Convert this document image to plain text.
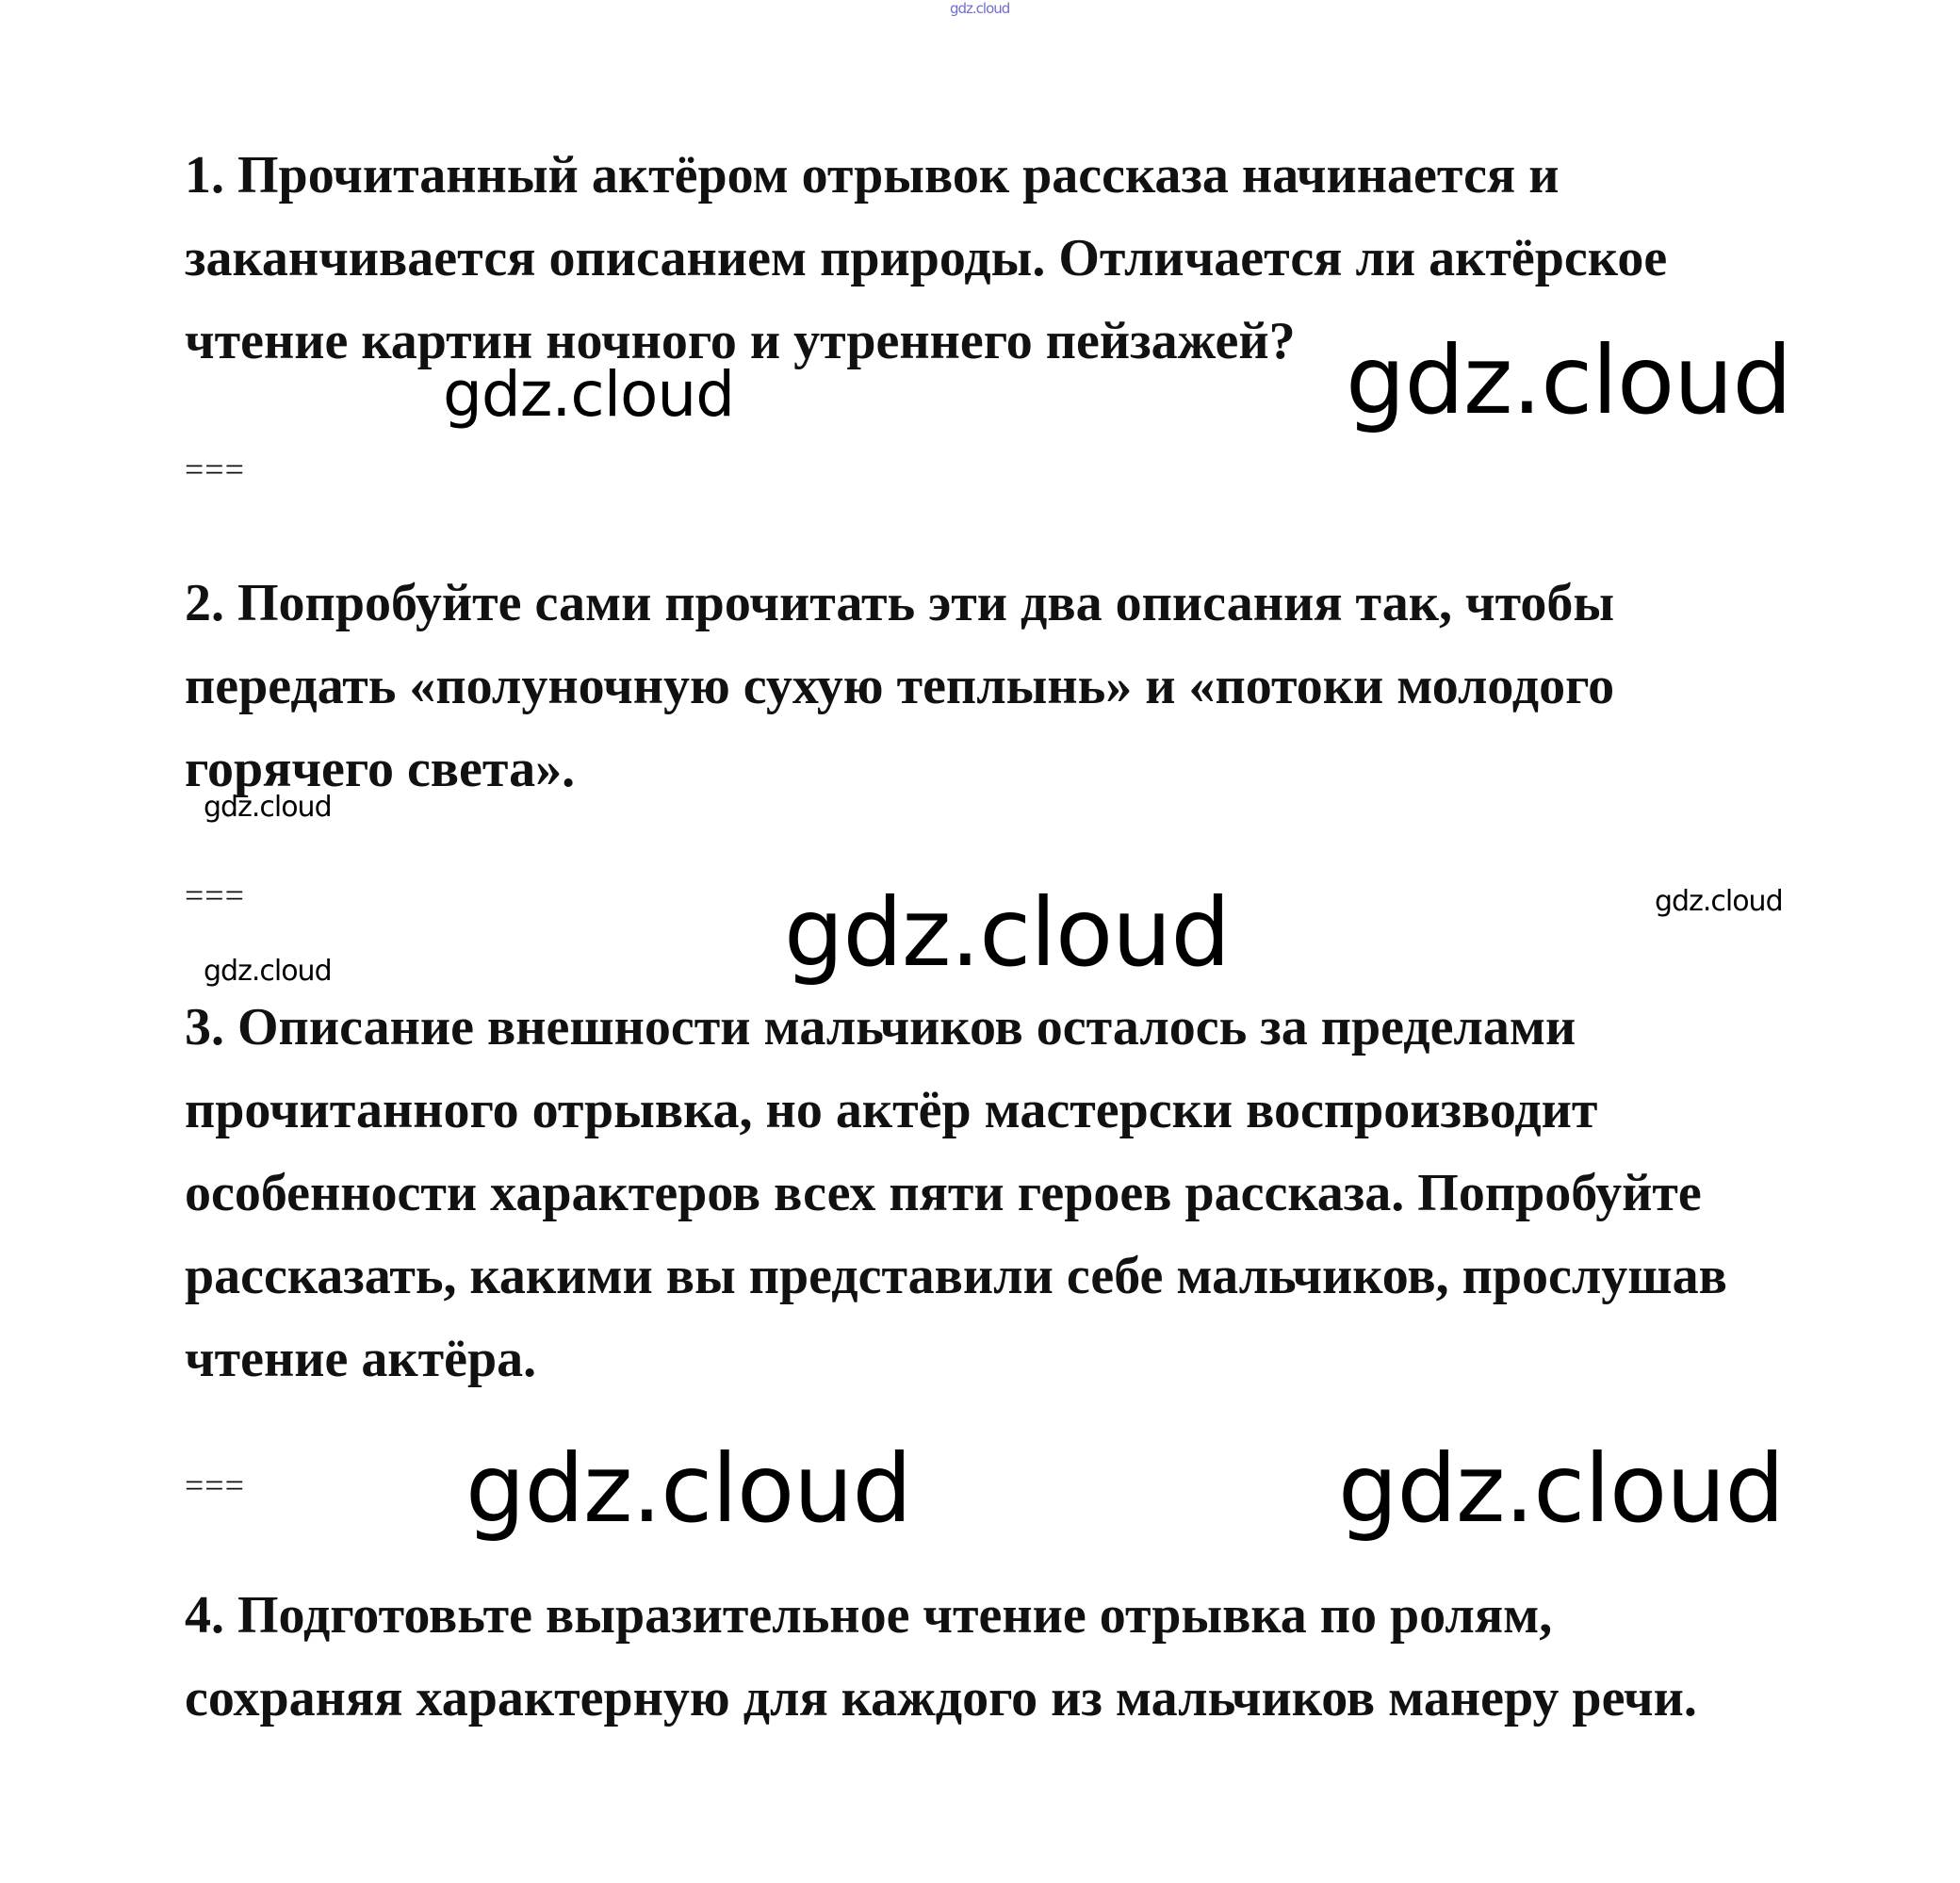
gdz.cloud
1. Прочитанный актёром отрывок рассказа начинается и
заканчивается описанием природы. Отличается ли актёрское
чтение картин ночного и утреннего пейзажей?
gdz.cloud	gdz.cloud
===
2. Попробуйте сами прочитать эти два описания так, чтобы
передать «полуночную сухую теплынь» и «потоки молодого
горячего света».
gdz.cloud
===	gdz.cloud	gdz.cloud
gdz.cloud
3. Описание внешности мальчиков осталось за пределами
прочитанного отрывка, но актёр мастерски воспроизводит
особенности характеров всех пяти героев рассказа. Попробуйте
рассказать, какими вы представили себе мальчиков, прослушав
чтение актёра.
=== gdz.cloud	gdz.cloud
4. Подготовьте выразительное чтение отрывка по ролям,
сохраняя характерную для каждого из мальчиков манеру речи.
